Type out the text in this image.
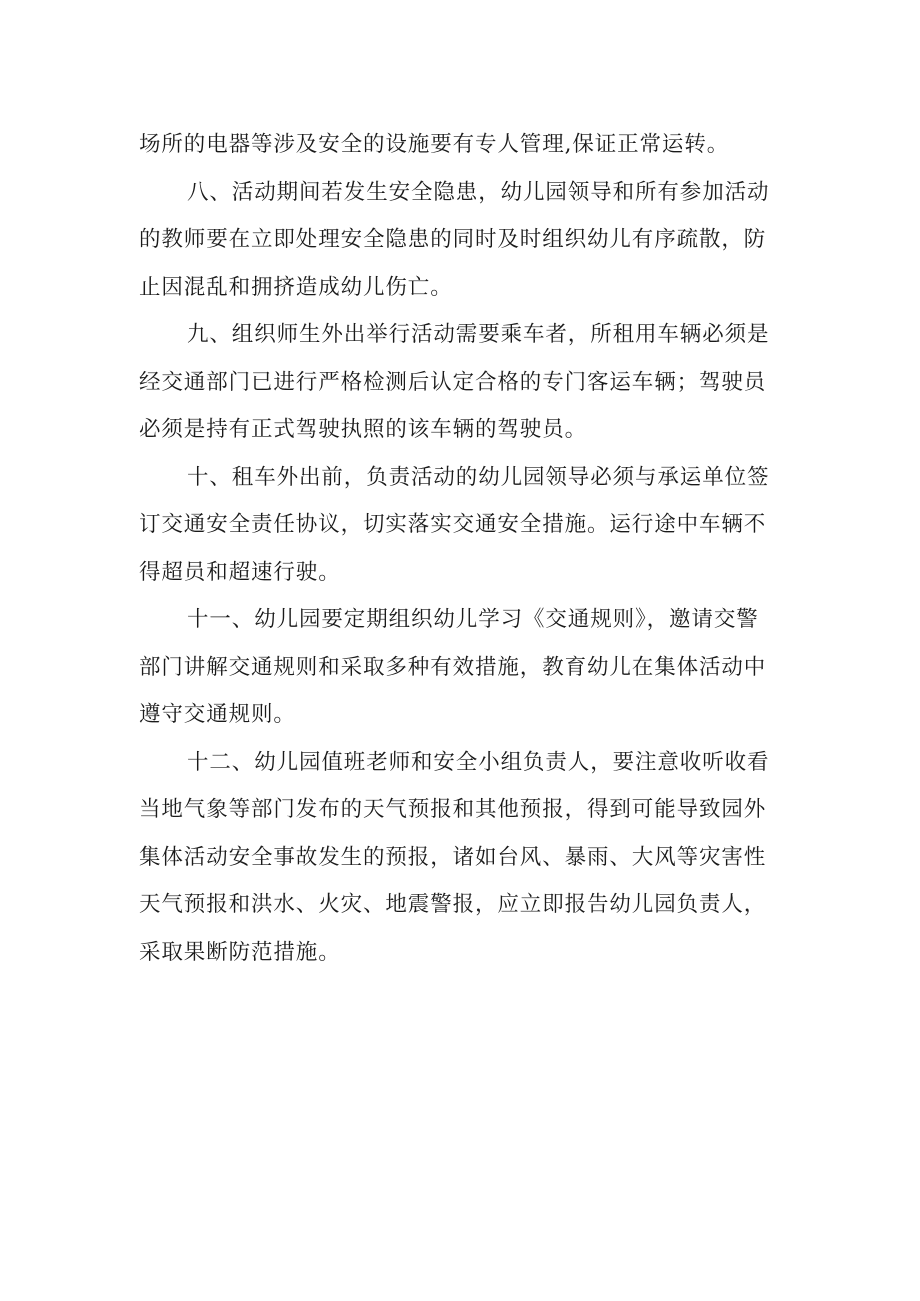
场所的电器等涉及安全的设施要有专人管理,保证正常运转。
八、活动期间若发生安全隐患，幼儿园领导和所有参加活动
的教师要在立即处理安全隐患的同时及时组织幼儿有序疏散，防
止因混乱和拥挤造成幼儿伤亡。
九、组织师生外出举行活动需要乘车者，所租用车辆必须是
经交通部门已进行严格检测后认定合格的专门客运车辆；驾驶员
必须是持有正式驾驶执照的该车辆的驾驶员。
十、租车外出前，负责活动的幼儿园领导必须与承运单位签
订交通安全责任协议，切实落实交通安全措施。运行途中车辆不
得超员和超速行驶。
十一、幼儿园要定期组织幼儿学习《交通规则》，邀请交警
部门讲解交通规则和采取多种有效措施，教育幼儿在集体活动中
遵守交通规则。
十二、幼儿园值班老师和安全小组负责人，要注意收听收看
当地气象等部门发布的天气预报和其他预报，得到可能导致园外
集体活动安全事故发生的预报，诸如台风、暴雨、大风等灾害性
天气预报和洪水、火灾、地震警报，应立即报告幼儿园负责人，
采取果断防范措施。
